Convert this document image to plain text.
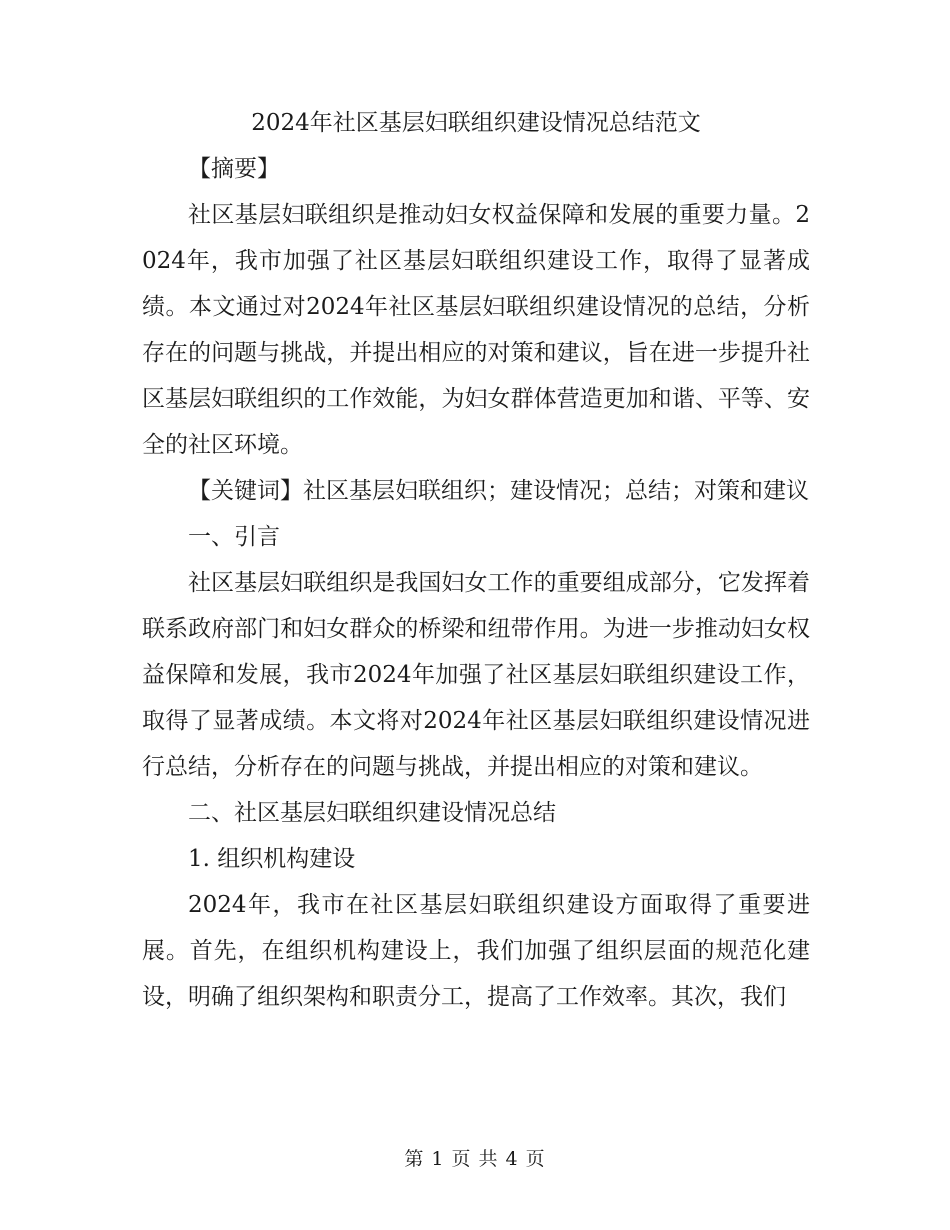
2024年社区基层妇联组织建设情况总结范文

【摘要】

社区基层妇联组织是推动妇女权益保障和发展的重要力量。2024年，我市加强了社区基层妇联组织建设工作，取得了显著成绩。本文通过对2024年社区基层妇联组织建设情况的总结，分析存在的问题与挑战，并提出相应的对策和建议，旨在进一步提升社区基层妇联组织的工作效能，为妇女群体营造更加和谐、平等、安全的社区环境。

【关键词】社区基层妇联组织；建设情况；总结；对策和建议

一、引言

社区基层妇联组织是我国妇女工作的重要组成部分，它发挥着联系政府部门和妇女群众的桥梁和纽带作用。为进一步推动妇女权益保障和发展，我市2024年加强了社区基层妇联组织建设工作，取得了显著成绩。本文将对2024年社区基层妇联组织建设情况进行总结，分析存在的问题与挑战，并提出相应的对策和建议。

二、社区基层妇联组织建设情况总结

1. 组织机构建设

2024年，我市在社区基层妇联组织建设方面取得了重要进展。首先，在组织机构建设上，我们加强了组织层面的规范化建设，明确了组织架构和职责分工，提高了工作效率。其次，我们

第 1 页 共 4 页
